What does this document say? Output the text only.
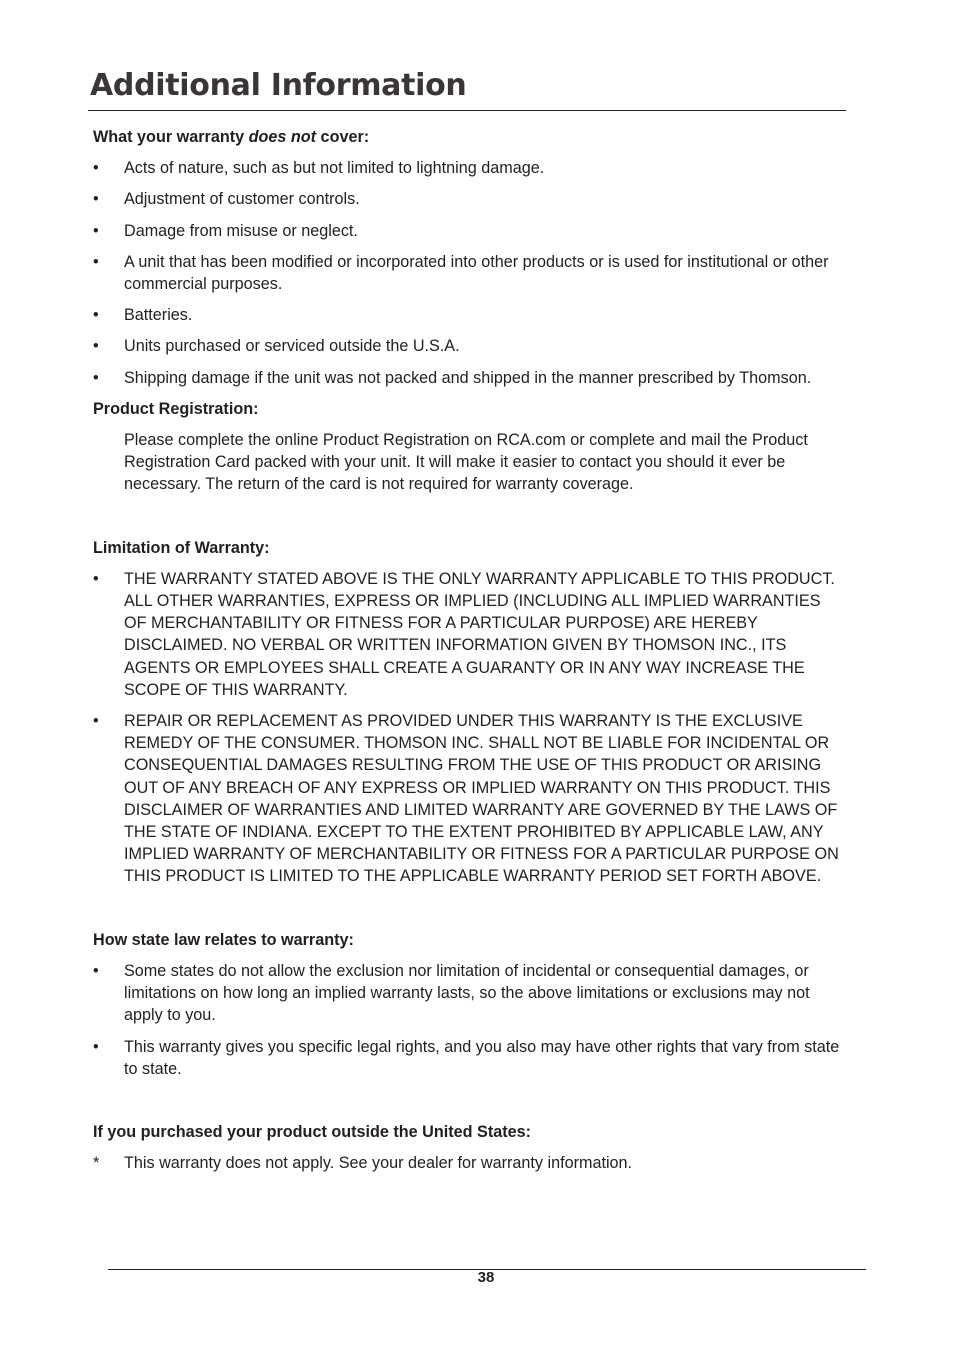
Additional Information

What your warranty does not cover:

•	Acts of nature, such as but not limited to lightning damage.
•	Adjustment of customer controls.
•	Damage from misuse or neglect.
•	A unit that has been modified or incorporated into other products or is used for institutional or other commercial purposes.
•	Batteries.
•	Units purchased or serviced outside the U.S.A.
•	Shipping damage if the unit was not packed and shipped in the manner prescribed by Thomson.

Product Registration:

Please complete the online Product Registration on RCA.com or complete and mail the Product Registration Card packed with your unit. It will make it easier to contact you should it ever be necessary. The return of the card is not required for warranty coverage.

Limitation of Warranty:

•	THE WARRANTY STATED ABOVE IS THE ONLY WARRANTY APPLICABLE TO THIS PRODUCT. ALL OTHER WARRANTIES, EXPRESS OR IMPLIED (INCLUDING ALL IMPLIED WARRANTIES OF MERCHANTABILITY OR FITNESS FOR A PARTICULAR PURPOSE) ARE HEREBY DISCLAIMED. NO VERBAL OR WRITTEN INFORMATION GIVEN BY THOMSON INC., ITS AGENTS OR EMPLOYEES SHALL CREATE A GUARANTY OR IN ANY WAY INCREASE THE SCOPE OF THIS WARRANTY.
•	REPAIR OR REPLACEMENT AS PROVIDED UNDER THIS WARRANTY IS THE EXCLUSIVE REMEDY OF THE CONSUMER. THOMSON INC. SHALL NOT BE LIABLE FOR INCIDENTAL OR CONSEQUENTIAL DAMAGES RESULTING FROM THE USE OF THIS PRODUCT OR ARISING OUT OF ANY BREACH OF ANY EXPRESS OR IMPLIED WARRANTY ON THIS PRODUCT. THIS DISCLAIMER OF WARRANTIES AND LIMITED WARRANTY ARE GOVERNED BY THE LAWS OF THE STATE OF INDIANA. EXCEPT TO THE EXTENT PROHIBITED BY APPLICABLE LAW, ANY IMPLIED WARRANTY OF MERCHANTABILITY OR FITNESS FOR A PARTICULAR PURPOSE ON THIS PRODUCT IS LIMITED TO THE APPLICABLE WARRANTY PERIOD SET FORTH ABOVE.

How state law relates to warranty:

•	Some states do not allow the exclusion nor limitation of incidental or consequential damages, or limitations on how long an implied warranty lasts, so the above limitations or exclusions may not apply to you.
•	This warranty gives you specific legal rights, and you also may have other rights that vary from state to state.

If you purchased your product outside the United States:

*	This warranty does not apply. See your dealer for warranty information.
38
